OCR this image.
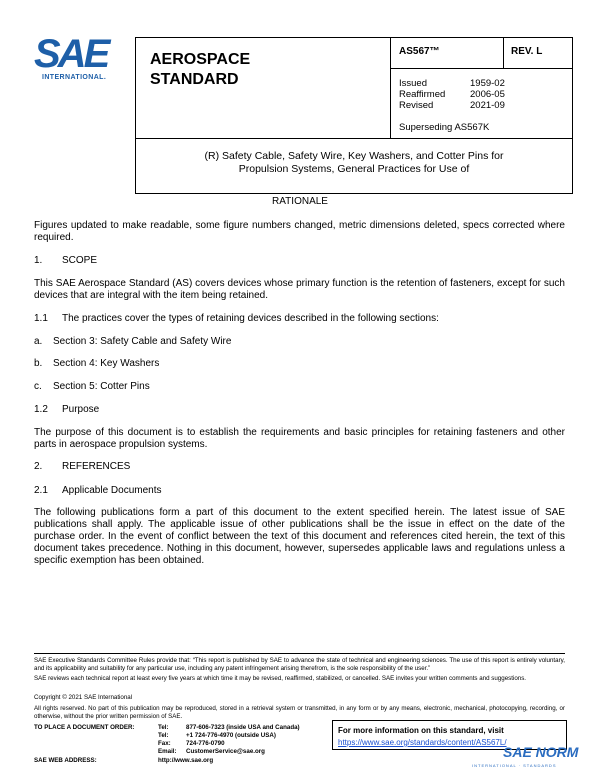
SAE
INTERNATIONAL.
AEROSPACE
STANDARD
AS567™	REV. L
Issued	1959-02
Reaffirmed	2006-05
Revised	2021-09
Superseding AS567K
(R) Safety Cable, Safety Wire, Key Washers, and Cotter Pins for
Propulsion Systems, General Practices for Use of
RATIONALE
Figures updated to make readable, some figure numbers changed, metric dimensions deleted, specs corrected where required.
1. SCOPE
This SAE Aerospace Standard (AS) covers devices whose primary function is the retention of fasteners, except for such devices that are integral with the item being retained.
1.1 The practices cover the types of retaining devices described in the following sections:
a. Section 3: Safety Cable and Safety Wire
b. Section 4: Key Washers
c. Section 5: Cotter Pins
1.2 Purpose
The purpose of this document is to establish the requirements and basic principles for retaining fasteners and other parts in aerospace propulsion systems.
2. REFERENCES
2.1 Applicable Documents
The following publications form a part of this document to the extent specified herein. The latest issue of SAE publications shall apply. The applicable issue of other publications shall be the issue in effect on the date of the purchase order. In the event of conflict between the text of this document and references cited herein, the text of this document takes precedence. Nothing in this document, however, supersedes applicable laws and regulations unless a specific exemption has been obtained.
SAE Executive Standards Committee Rules provide that: “This report is published by SAE to advance the state of technical and engineering sciences. The use of this report is entirely voluntary, and its applicability and suitability for any particular use, including any patent infringement arising therefrom, is the sole responsibility of the user.”
SAE reviews each technical report at least every five years at which time it may be revised, reaffirmed, stabilized, or cancelled. SAE invites your written comments and suggestions.
Copyright © 2021 SAE International
All rights reserved. No part of this publication may be reproduced, stored in a retrieval system or transmitted, in any form or by any means, electronic, mechanical, photocopying, recording, or otherwise, without the prior written permission of SAE.
TO PLACE A DOCUMENT ORDER:	Tel:	877-606-7323 (inside USA and Canada)
Tel:	+1 724-776-4970 (outside USA)
Fax: 724-776-0790
Email: CustomerService@sae.org
SAE WEB ADDRESS:	http://www.sae.org
For more information on this standard, visit
https://www.sae.org/standards/content/AS567L/
SAE NORM
INTERNATIONAL · STANDARDS
